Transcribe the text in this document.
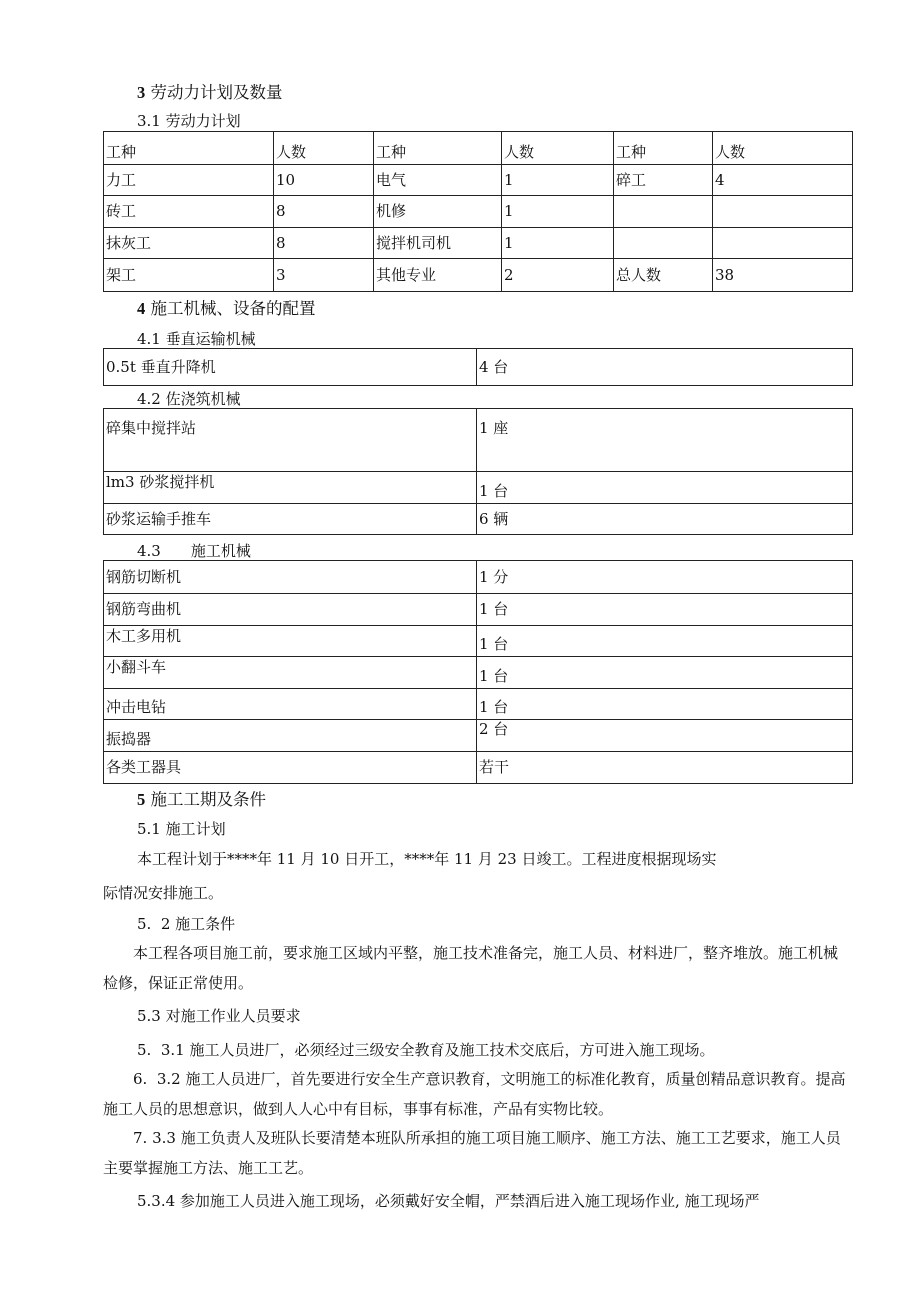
3 劳动力计划及数量
3.1 劳动力计划
工种	人数	工种	人数	工种	人数
力工	10	电气	1	碎工	4
砖工	8	机修	1		
抹灰工	8	搅拌机司机	1		
架工	3	其他专业	2	总人数	38
4 施工机械、设备的配置
4.1 垂直运输机械
0.5t 垂直升降机	4 台
4.2 佐浇筑机械
碎集中搅拌站	1 座
lm3 砂浆搅拌机	1 台
砂浆运输手推车	6 辆
4.3　　施工机械
钢筋切断机	1 分
钢筋弯曲机	1 台
木工多用机	1 台
小翻斗车	1 台
冲击电钻	1 台
振捣器	2 台
各类工器具	若干
5 施工工期及条件
5.1 施工计划
本工程计划于****年 11 月 10 日开工，****年 11 月 23 日竣工。工程进度根据现场实
际情况安排施工。
5.  2 施工条件
本工程各项目施工前，要求施工区域内平整，施工技术准备完，施工人员、材料进厂，整齐堆放。施工机械检修，保证正常使用。
5.3 对施工作业人员要求
5.  3.1 施工人员进厂，必须经过三级安全教育及施工技术交底后，方可进入施工现场。
6.  3.2 施工人员进厂，首先要进行安全生产意识教育，文明施工的标准化教育，质量创精品意识教育。提高施工人员的思想意识，做到人人心中有目标，事事有标准，产品有实物比较。
7. 3.3 施工负责人及班队长要清楚本班队所承担的施工项目施工顺序、施工方法、施工工艺要求，施工人员主要掌握施工方法、施工工艺。
5.3.4 参加施工人员进入施工现场，必须戴好安全帽，严禁酒后进入施工现场作业, 施工现场严
